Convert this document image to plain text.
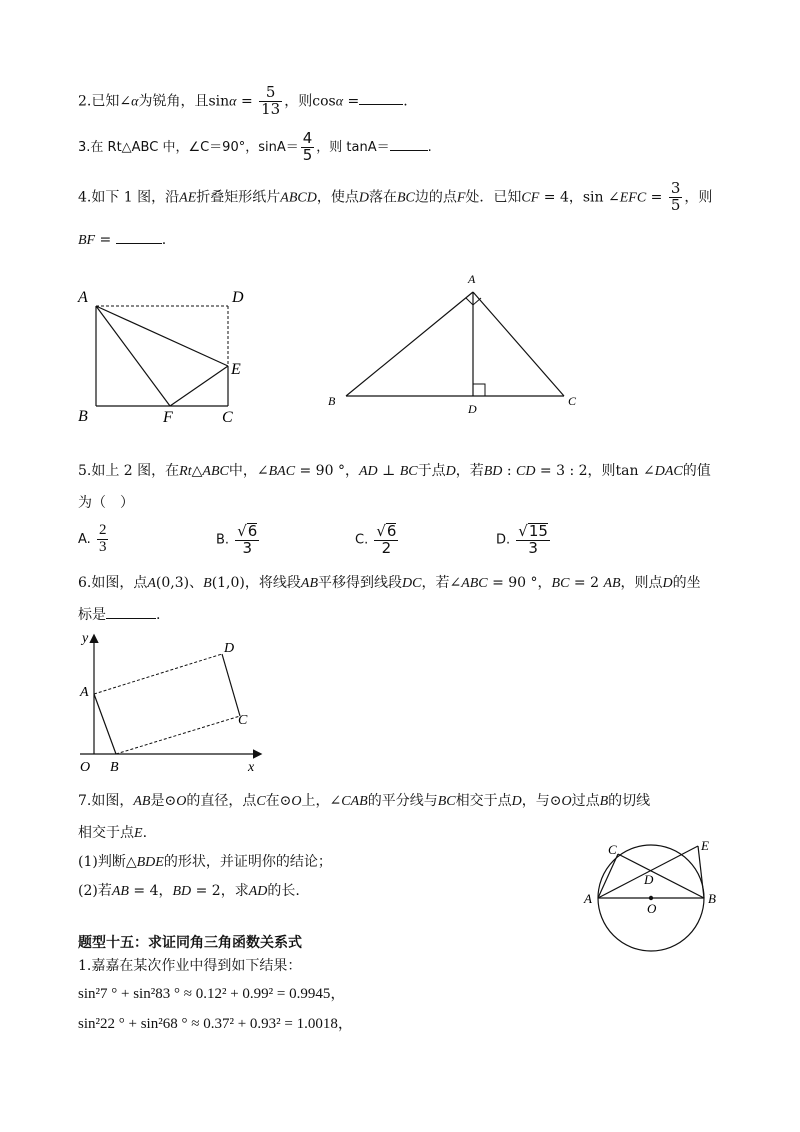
2.已知∠α为锐角，且$\sin\alpha = \frac{5}{13}$ ，则cosα =	.
3.在 Rt△ABC 中，∠C＝90°，$\sin A= \frac{4}{5}$ ，则 tanA＝	.
4.如下 1 图，沿AE折叠矩形纸片ABCD，使点D落在BC边的点F处．已知CF = 4，sin ∠EFC = $\frac{3}{5}$ ，则
BF =	.
A	D
E
B	F	C
A
B
D
C
5.如上 2 图，在Rt△ABC中，∠BAC = 90 °，AD ⊥ BC于点D，若BD : CD = 3 : 2，则tan ∠DAC的值
为（　）
A. $\frac{2}{3}$	B. $\frac{√6}{3}$	C. $\frac{√6}{2}$	D. $\frac{√15}{3}$
6.如图，点A(0,3)、B(1,0)，将线段AB平移得到线段DC，若∠ABC = 90 °，BC = 2 AB，则点D的坐
标是	.
y
D
A
C
O B	x
7.如图，AB是⊙O的直径，点C在⊙O上，∠CAB的平分线与BC相交于点D，与⊙O过点B的切线
相交于点E.
(1)判断△BDE的形状，并证明你的结论；
(2)若AB = 4，BD = 2，求AD的长.
C	E
D
A
O
B
题型十五：求证同角三角函数关系式
1.嘉嘉在某次作业中得到如下结果：
sin²7 ° + sin²83 ° ≈ 0.12² + 0.99² = 0.9945，
sin²22 ° + sin²68 ° ≈ 0.37² + 0.93² = 1.0018，
